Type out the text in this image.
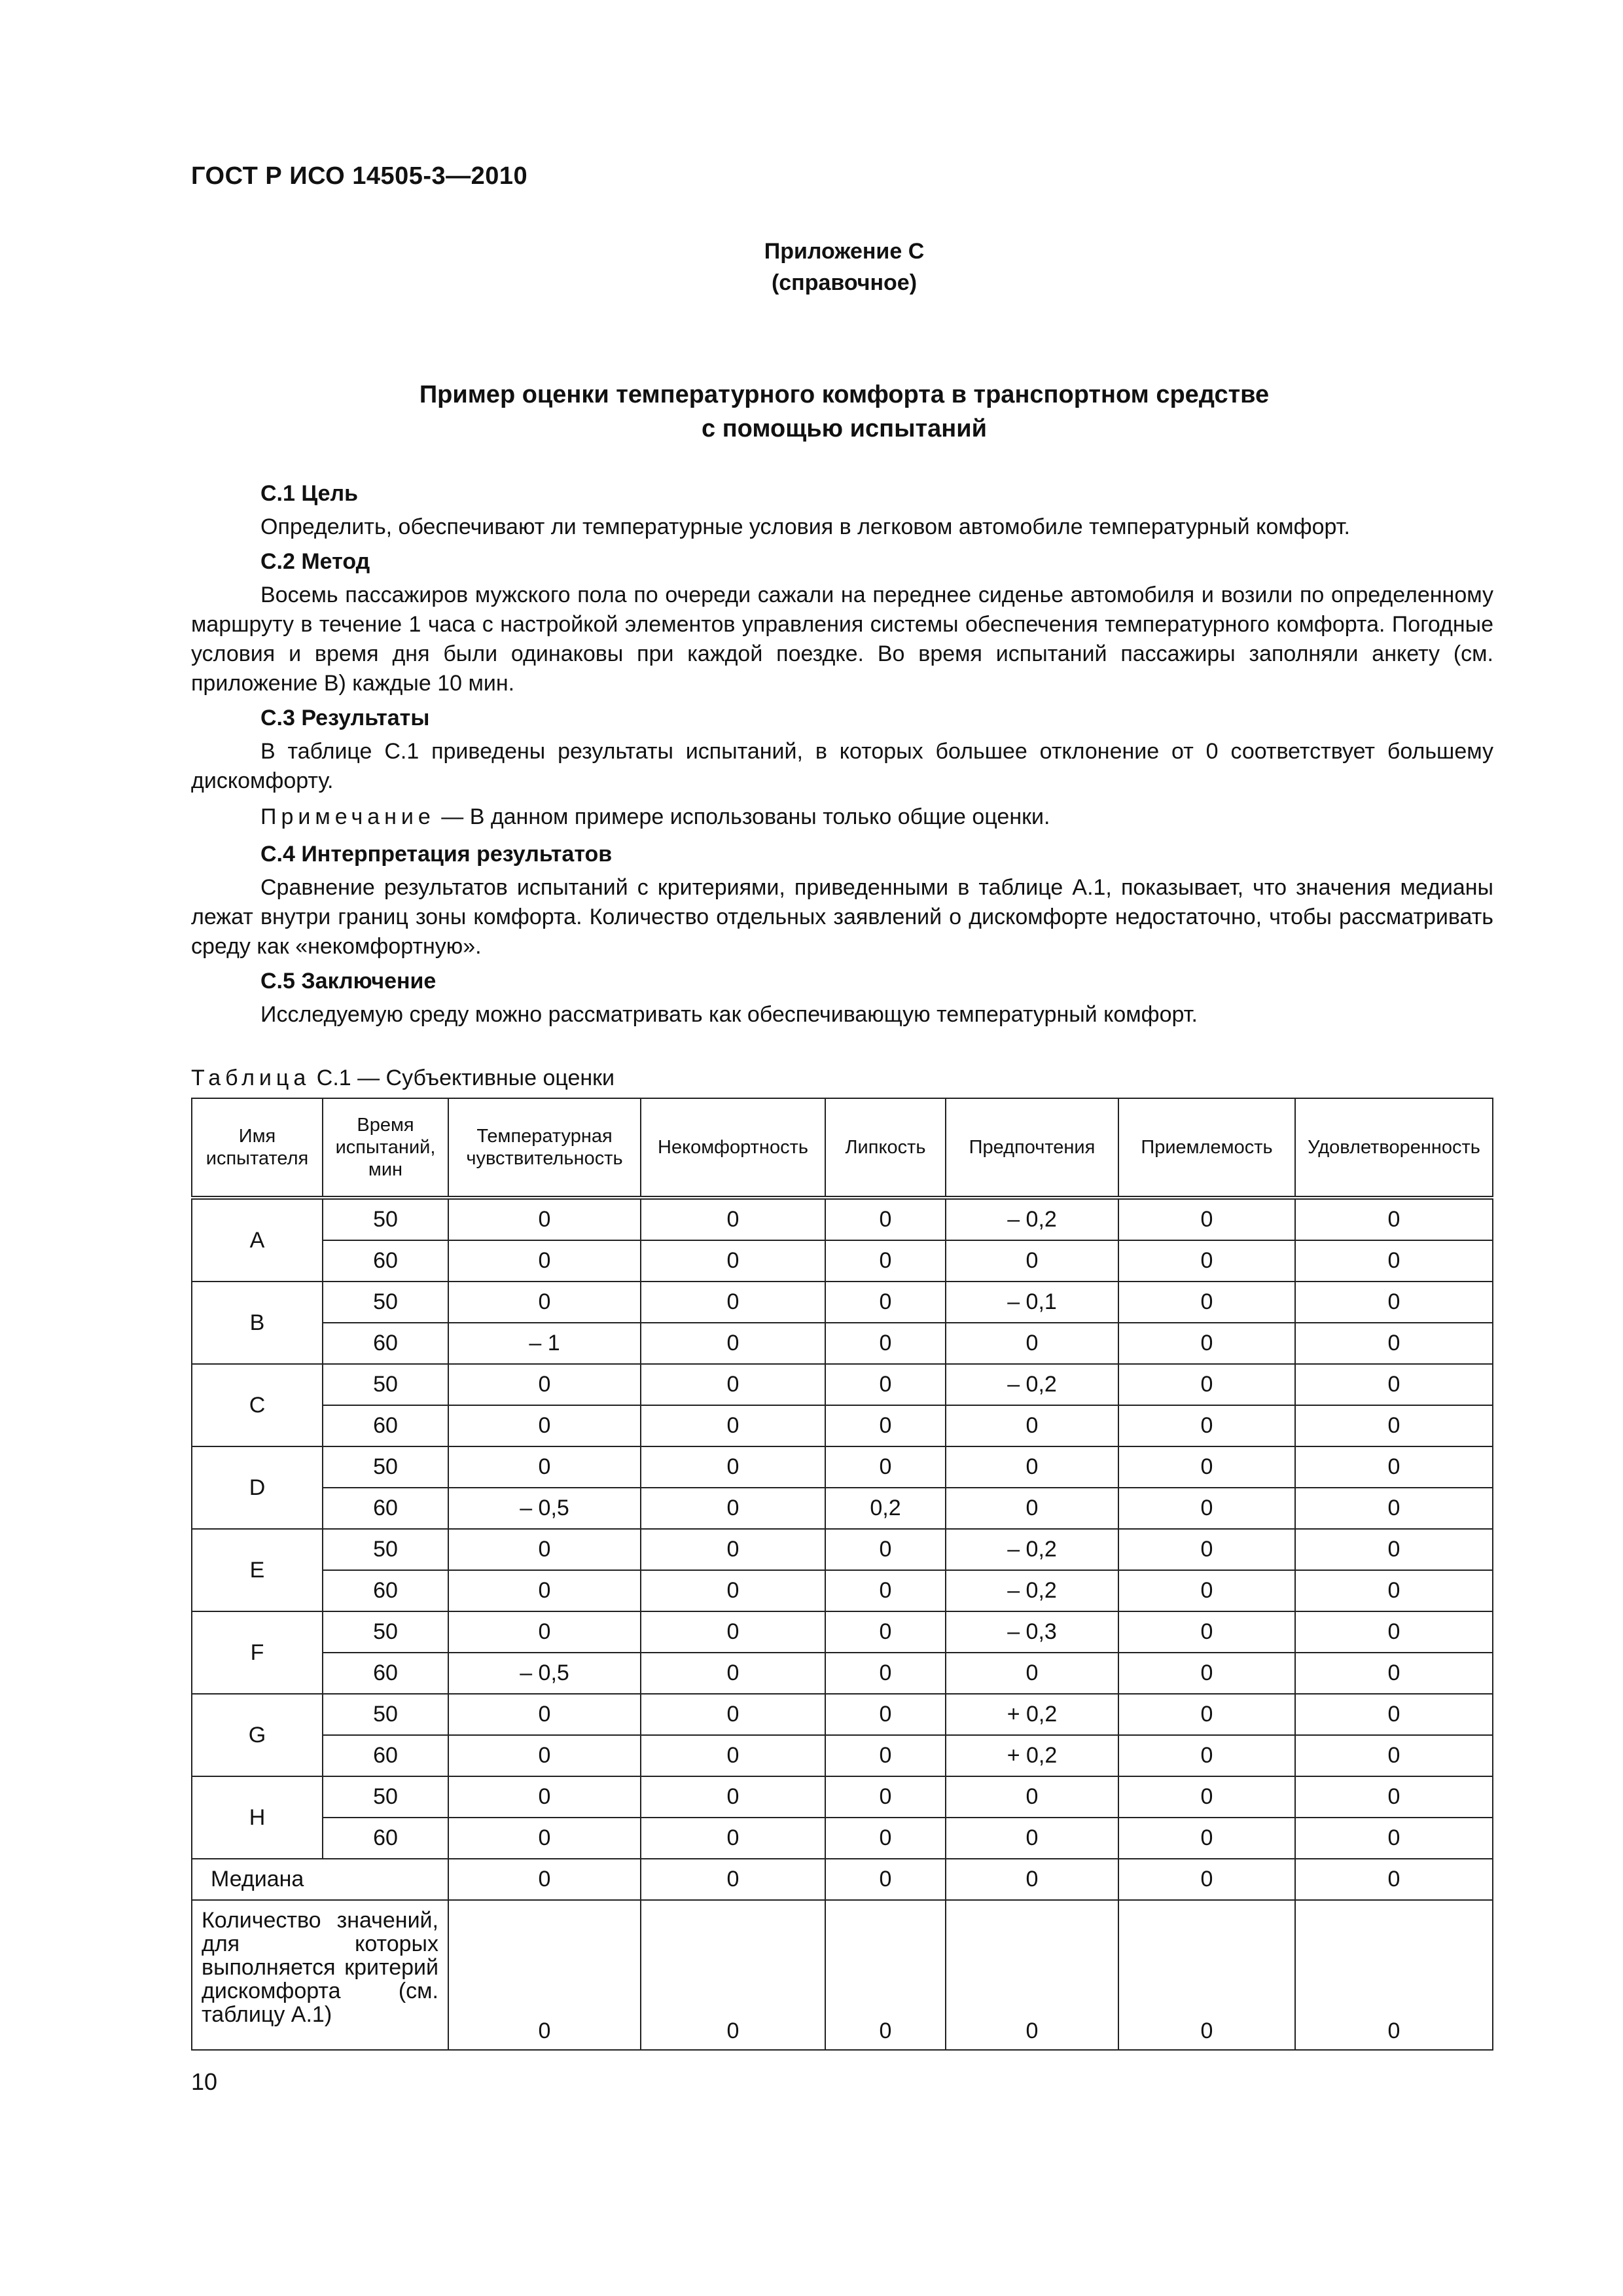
ГОСТ Р ИСО 14505-3—2010
Приложение С
(справочное)
Пример оценки температурного комфорта в транспортном средстве
с помощью испытаний
С.1 Цель

Определить, обеспечивают ли температурные условия в легковом автомобиле температурный комфорт.

С.2 Метод

Восемь пассажиров мужского пола по очереди сажали на переднее сиденье автомобиля и возили по определенному маршруту в течение 1 часа с настройкой элементов управления системы обеспечения температурного комфорта. Погодные условия и время дня были одинаковы при каждой поездке. Во время испытаний пассажиры заполняли анкету (см. приложение В) каждые 10 мин.

С.3 Результаты

В таблице С.1 приведены результаты испытаний, в которых большее отклонение от 0 соответствует большему дискомфорту.

Примечание — В данном примере использованы только общие оценки.

С.4 Интерпретация результатов

Сравнение результатов испытаний с критериями, приведенными в таблице А.1, показывает, что значения медианы лежат внутри границ зоны комфорта. Количество отдельных заявлений о дискомфорте недостаточно, чтобы рассматривать среду как «некомфортную».

С.5 Заключение

Исследуемую среду можно рассматривать как обеспечивающую температурный комфорт.

Таблица С.1 — Субъективные оценки
Имя испытателя	Время испытаний, мин	Температурная чувствительность	Некомфортность	Липкость	Предпочтения	Приемлемость	Удовлетворенность
A	50	0	0	0	– 0,2	0	0
	60	0	0	0	0	0	0
B	50	0	0	0	– 0,1	0	0
	60	– 1	0	0	0	0	0
C	50	0	0	0	– 0,2	0	0
	60	0	0	0	0	0	0
D	50	0	0	0	0	0	0
	60	– 0,5	0	0,2	0	0	0
E	50	0	0	0	– 0,2	0	0
	60	0	0	0	– 0,2	0	0
F	50	0	0	0	– 0,3	0	0
	60	– 0,5	0	0	0	0	0
G	50	0	0	0	+ 0,2	0	0
	60	0	0	0	+ 0,2	0	0
H	50	0	0	0	0	0	0
	60	0	0	0	0	0	0
Медиана		0	0	0	0	0	0
Количество значений, для которых выполняется критерий дискомфорта (см. таблицу А.1)		0	0	0	0	0	0
10
